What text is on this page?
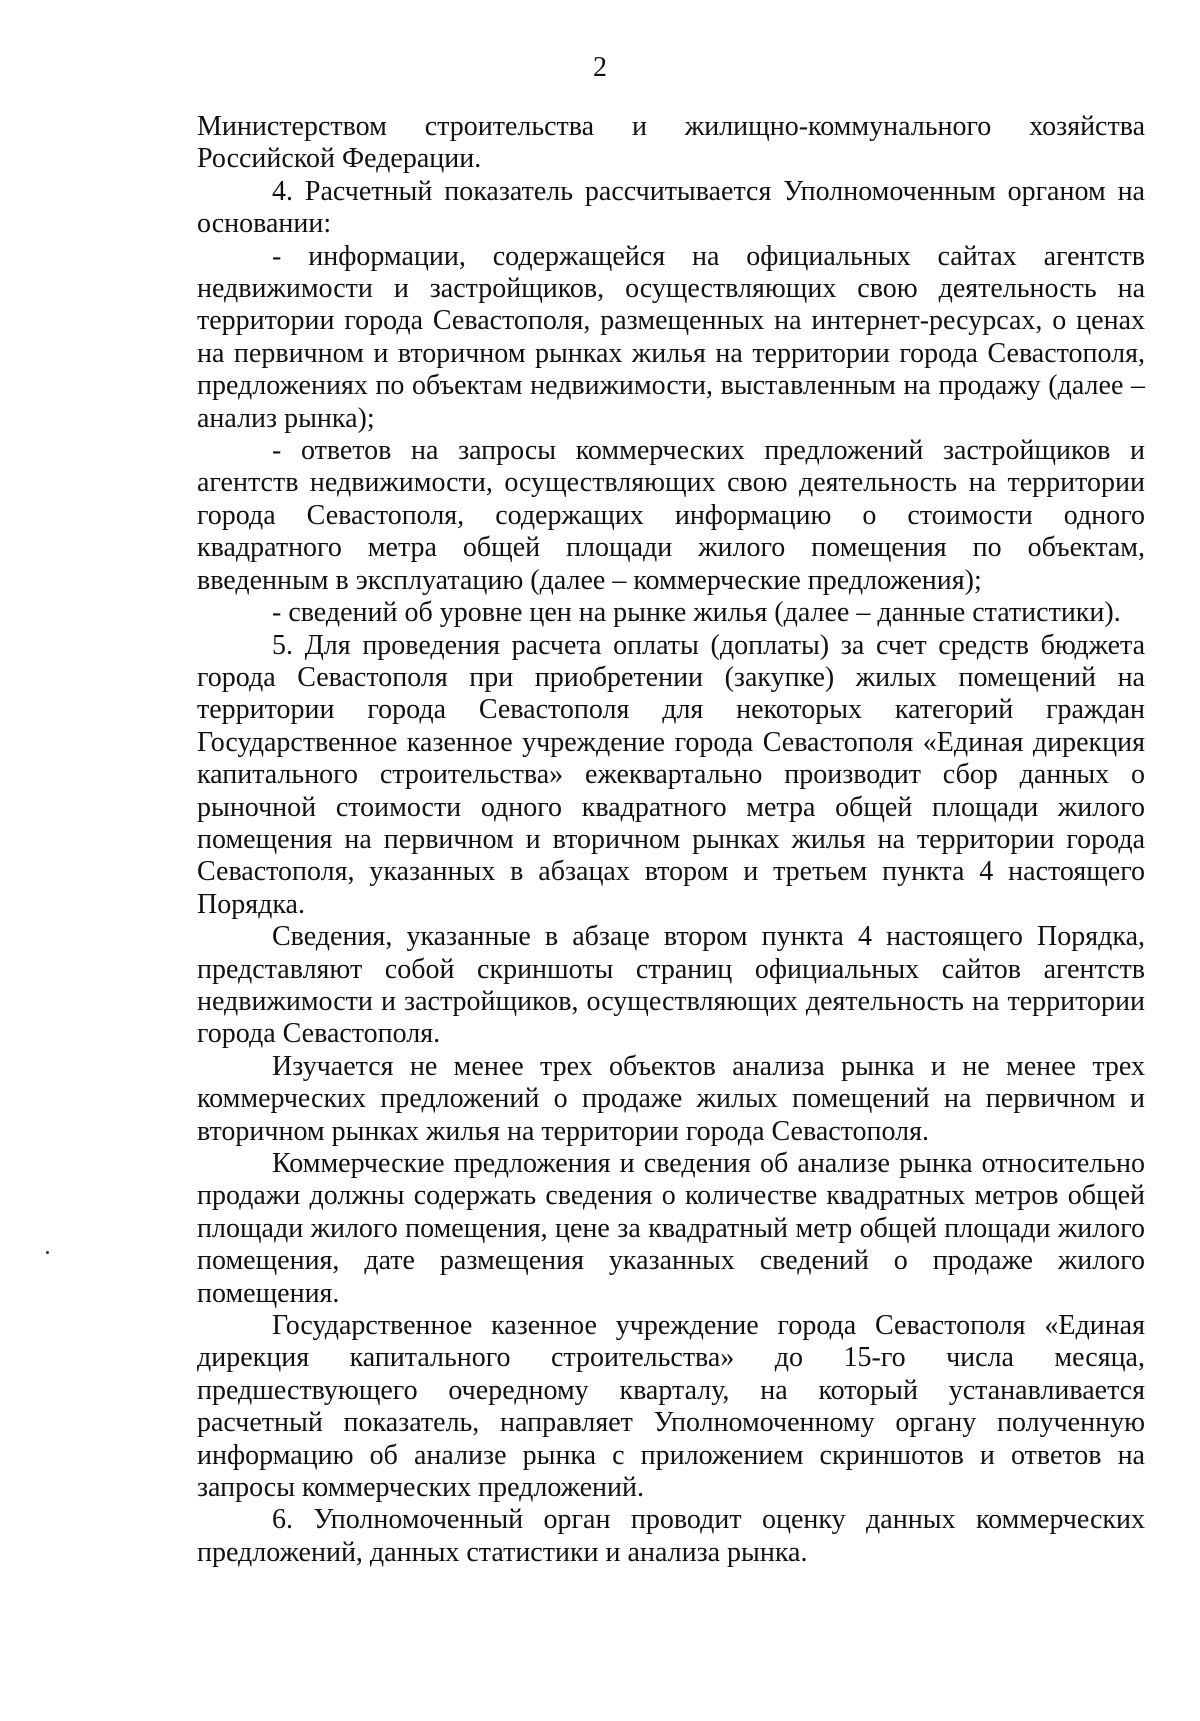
2

Министерством строительства и жилищно-коммунального хозяйства Российской Федерации.

4. Расчетный показатель рассчитывается Уполномоченным органом на основании:

- информации, содержащейся на официальных сайтах агентств недвижимости и застройщиков, осуществляющих свою деятельность на территории города Севастополя, размещенных на интернет-ресурсах, о ценах на первичном и вторичном рынках жилья на территории города Севастополя, предложениях по объектам недвижимости, выставленным на продажу (далее – анализ рынка);

- ответов на запросы коммерческих предложений застройщиков и агентств недвижимости, осуществляющих свою деятельность на территории города Севастополя, содержащих информацию о стоимости одного квадратного метра общей площади жилого помещения по объектам, введенным в эксплуатацию (далее – коммерческие предложения);

- сведений об уровне цен на рынке жилья (далее – данные статистики).

5. Для проведения расчета оплаты (доплаты) за счет средств бюджета города Севастополя при приобретении (закупке) жилых помещений на территории города Севастополя для некоторых категорий граждан Государственное казенное учреждение города Севастополя «Единая дирекция капитального строительства» ежеквартально производит сбор данных о рыночной стоимости одного квадратного метра общей площади жилого помещения на первичном и вторичном рынках жилья на территории города Севастополя, указанных в абзацах втором и третьем пункта 4 настоящего Порядка.

Сведения, указанные в абзаце втором пункта 4 настоящего Порядка, представляют собой скриншоты страниц официальных сайтов агентств недвижимости и застройщиков, осуществляющих деятельность на территории города Севастополя.

Изучается не менее трех объектов анализа рынка и не менее трех коммерческих предложений о продаже жилых помещений на первичном и вторичном рынках жилья на территории города Севастополя.

Коммерческие предложения и сведения об анализе рынка относительно продажи должны содержать сведения о количестве квадратных метров общей площади жилого помещения, цене за квадратный метр общей площади жилого помещения, дате размещения указанных сведений о продаже жилого помещения.

Государственное казенное учреждение города Севастополя «Единая дирекция капитального строительства» до 15-го числа месяца, предшествующего очередному кварталу, на который устанавливается расчетный показатель, направляет Уполномоченному органу полученную информацию об анализе рынка с приложением скриншотов и ответов на запросы коммерческих предложений.

6. Уполномоченный орган проводит оценку данных коммерческих предложений, данных статистики и анализа рынка.
